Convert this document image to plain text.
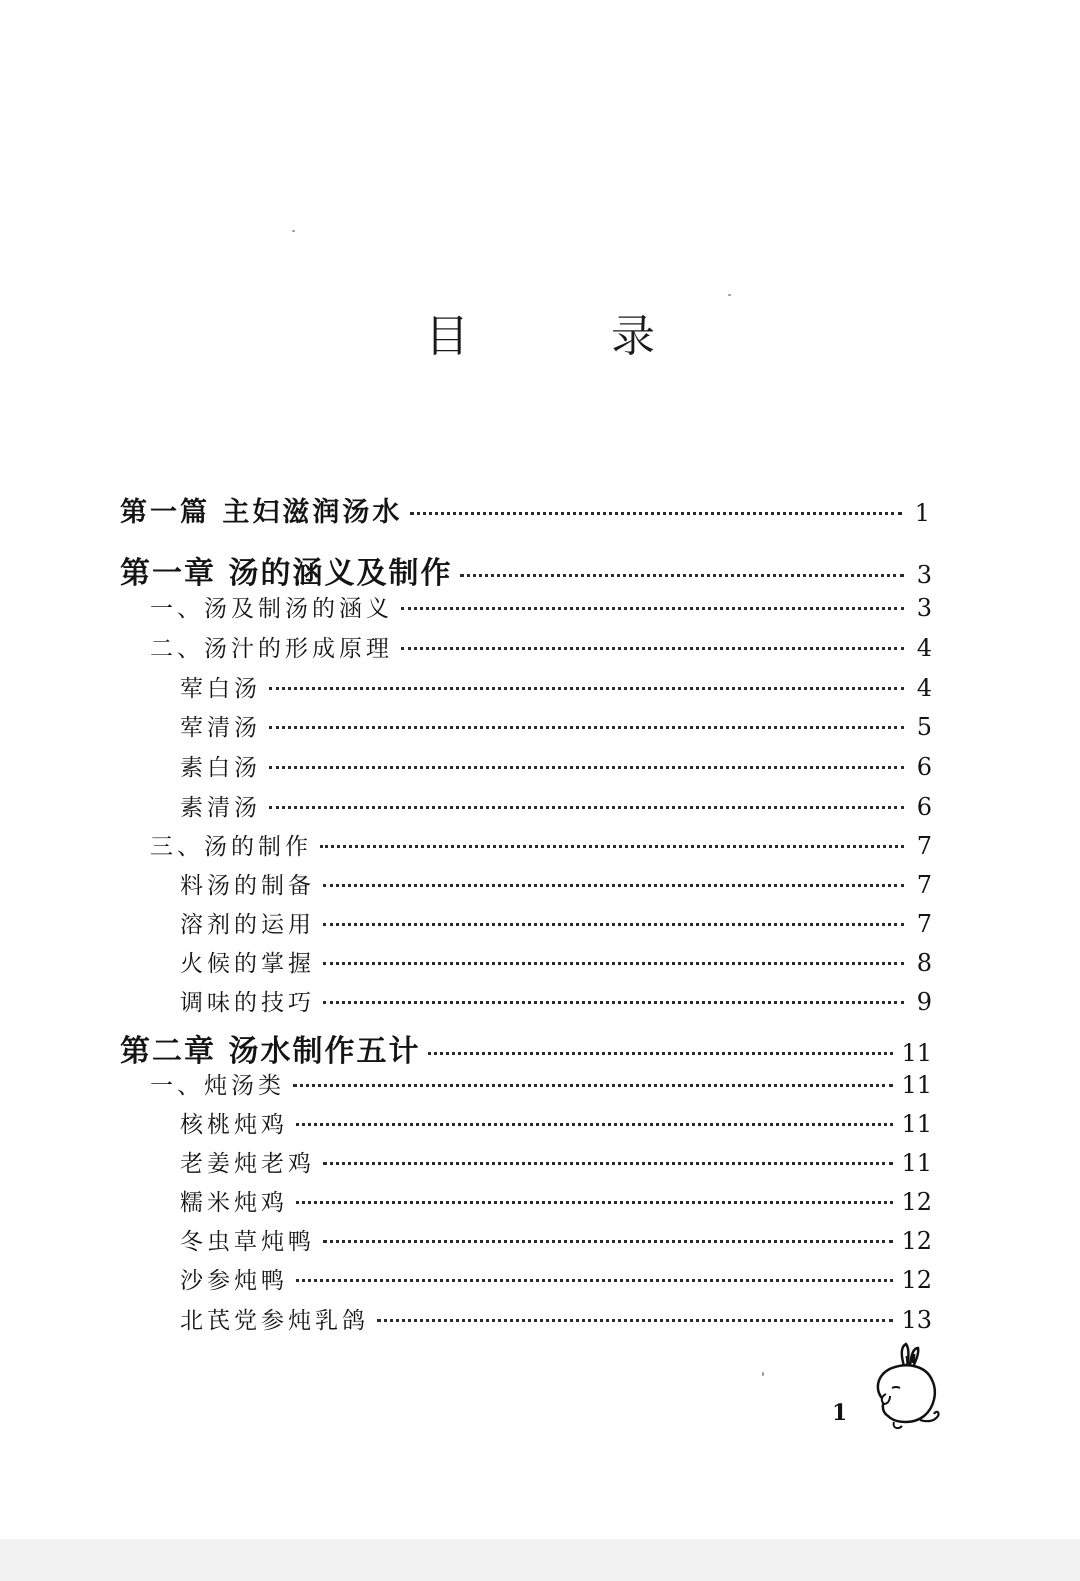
目 录
第一篇 主妇滋润汤水	1
第一章 汤的涵义及制作	3
一、汤及制汤的涵义	3
二、汤汁的形成原理	4
荤白汤	4
荤清汤	5
素白汤	6
素清汤	6
三、汤的制作	7
料汤的制备	7
溶剂的运用	7
火候的掌握	8
调味的技巧	9
第二章 汤水制作五计	11
一、炖汤类	11
核桃炖鸡	11
老姜炖老鸡	11
糯米炖鸡	12
冬虫草炖鸭	12
沙参炖鸭	12
北芪党参炖乳鸽	13
1
